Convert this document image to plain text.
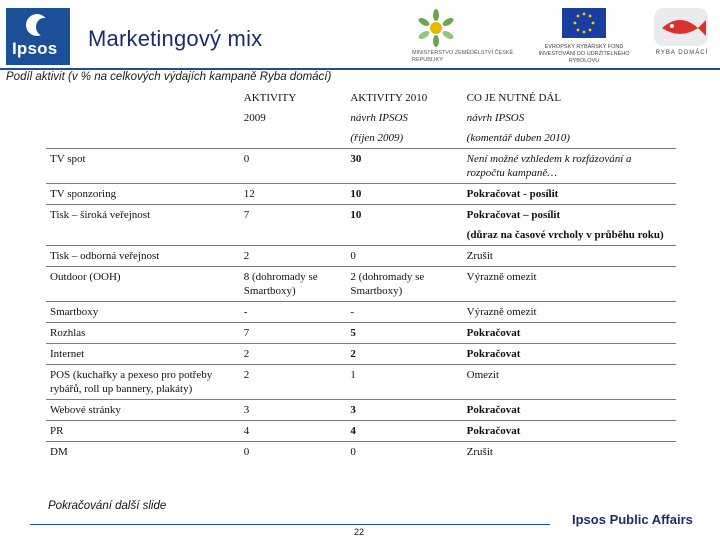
Ipsos Marketingový mix
MINISTERSTVO ZEMĚDĚLSTVÍ ČESKÉ REPUBLIKY
EVROPSKÝ RYBÁŘSKÝ FOND INVESTOVÁNÍ DO UDRŽITELNÉHO RYBOLOVU
RYBA DOMÁCÍ
Podíl aktivit (v % na celkových výdajích kampaně Ryba domácí)
	AKTIVITY	AKTIVITY 2010	CO JE NUTNÉ DÁL
	2009	návrh IPSOS	návrh IPSOS
		(říjen 2009)	(komentář duben 2010)
TV spot	0	30	Není možné vzhledem k rozfázování a rozpočtu kampaně…
TV sponzoring	12	10	Pokračovat - posílit
Tisk – široká veřejnost	7	10	Pokračovat – posílit
			(důraz na časové vrcholy v průběhu roku)
Tisk – odborná veřejnost	2	0	Zrušit
Outdoor (OOH)	8 (dohromady se Smartboxy)	2 (dohromady se Smartboxy)	Výrazně omezit
Smartboxy	-	-	Výrazně omezit
Rozhlas	7	5	Pokračovat
Internet	2	2	Pokračovat
POS (kuchařky a pexeso pro potřeby rybářů, roll up bannery, plakáty)	2	1	Omezit
Webové stránky	3	3	Pokračovat
PR	4	4	Pokračovat
DM	0	0	Zrušit
Pokračování další slide
22
Ipsos Public Affairs
